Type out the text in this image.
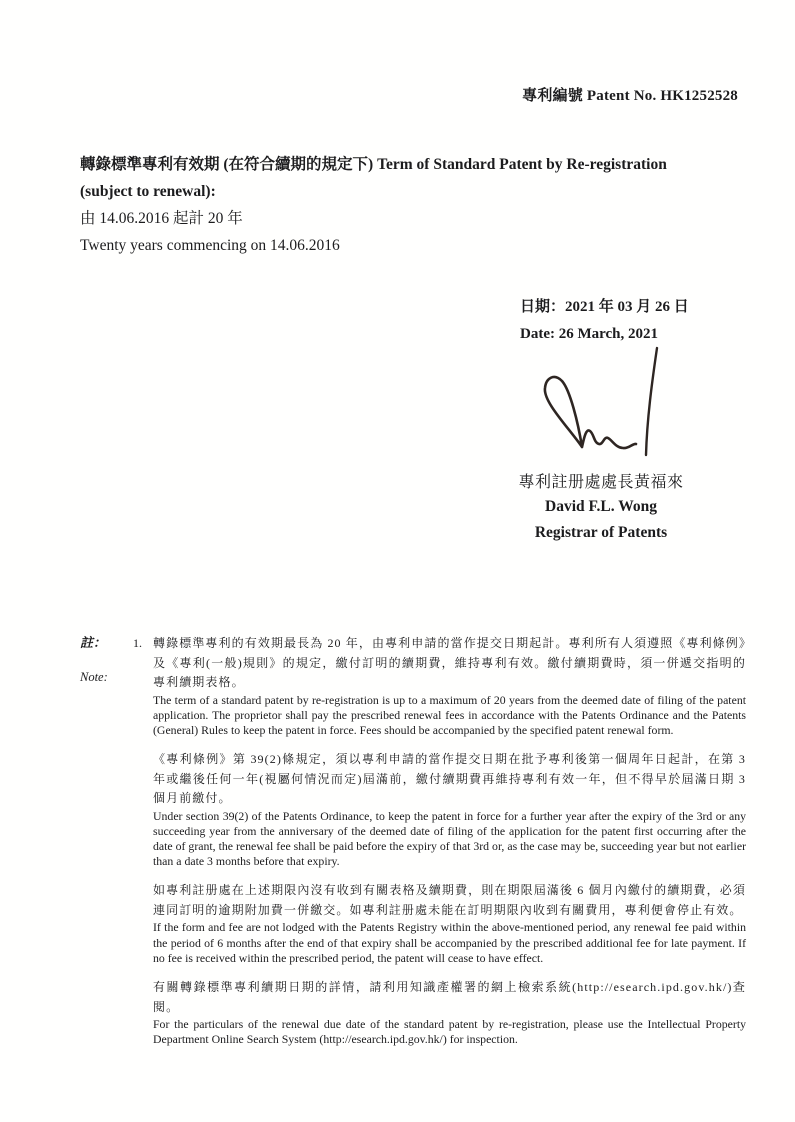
專利編號 Patent No. HK1252528
轉錄標準專利有效期 (在符合續期的規定下) Term of Standard Patent by Re-registration
(subject to renewal):
由 14.06.2016 起計 20 年
Twenty years commencing on 14.06.2016
日期：2021 年 03 月 26 日
Date: 26 March, 2021
專利註册處處長黃福來
David F.L. Wong
Registrar of Patents
註：
Note:
1. 轉錄標準專利的有效期最長為 20 年，由專利申請的當作提交日期起計。專利所有人須遵照《專利條例》及《專利(一般)規則》的規定，繳付訂明的續期費，維持專利有效。繳付續期費時，須一併遞交指明的專利續期表格。
The term of a standard patent by re-registration is up to a maximum of 20 years from the deemed date of filing of the patent application. The proprietor shall pay the prescribed renewal fees in accordance with the Patents Ordinance and the Patents (General) Rules to keep the patent in force. Fees should be accompanied by the specified patent renewal form.
《專利條例》第 39(2)條規定，須以專利申請的當作提交日期在批予專利後第一個周年日起計，在第 3 年或繼後任何一年(視屬何情況而定)屆滿前，繳付續期費再維持專利有效一年，但不得早於屆滿日期 3 個月前繳付。
Under section 39(2) of the Patents Ordinance, to keep the patent in force for a further year after the expiry of the 3rd or any succeeding year from the anniversary of the deemed date of filing of the application for the patent first occurring after the date of grant, the renewal fee shall be paid before the expiry of that 3rd or, as the case may be, succeeding year but not earlier than a date 3 months before that expiry.
如專利註册處在上述期限內沒有收到有關表格及續期費，則在期限屆滿後 6 個月內繳付的續期費，必須連同訂明的逾期附加費一併繳交。如專利註册處未能在訂明期限內收到有關費用，專利便會停止有效。
If the form and fee are not lodged with the Patents Registry within the above-mentioned period, any renewal fee paid within the period of 6 months after the end of that expiry shall be accompanied by the prescribed additional fee for late payment. If no fee is received within the prescribed period, the patent will cease to have effect.
有關轉錄標準專利續期日期的詳情，請利用知識產權署的網上檢索系統(http://esearch.ipd.gov.hk/)查閱。
For the particulars of the renewal due date of the standard patent by re-registration, please use the Intellectual Property Department Online Search System (http://esearch.ipd.gov.hk/) for inspection.
